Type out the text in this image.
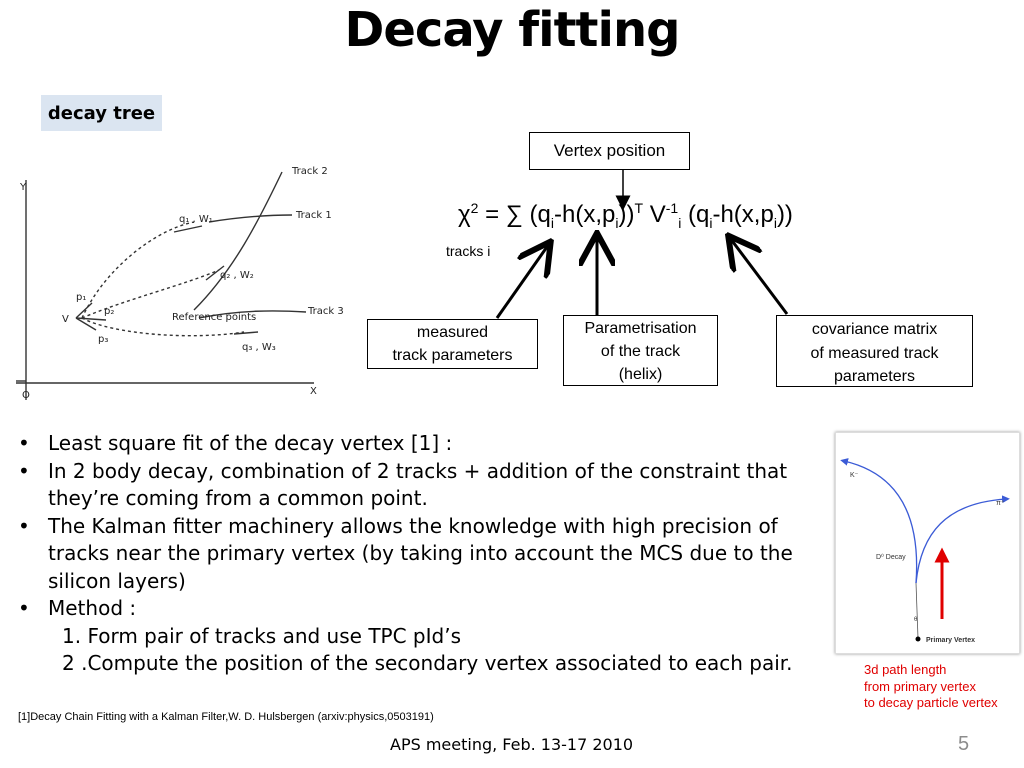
Decay fitting
decay tree
Y
X
O
Track 2
Track 1
Track 3
V
p₁
p₂
p₃
q₁ , W₁
q₂ , W₂
q₃ , W₃
Reference points
Vertex position
$\chi^2$ = ∑ $(q_i-h(x,p_i))^T$ $V^{-1}_i$ $(q_i-h(x,p_i))$
tracks i
measured
track parameters
Parametrisation
of the track
(helix)
covariance matrix
of measured track
parameters
• Least square fit of the decay vertex [1] :
• In 2 body decay, combination of 2 tracks + addition of the constraint that they’re coming from a common point.
• The Kalman fitter machinery allows the knowledge with high precision of tracks near the primary vertex (by taking into account the MCS due to the silicon layers)
• Method :
1. Form pair of tracks and use TPC pId’s
2 .Compute the position of the secondary vertex associated to each pair.
K⁻
π⁺
D⁰ Decay
θ
Primary Vertex
3d path length
from primary vertex
to decay particle vertex
[1]Decay Chain Fitting with a Kalman Filter,W. D. Hulsbergen (arxiv:physics,0503191)
APS meeting, Feb. 13-17 2010	5
